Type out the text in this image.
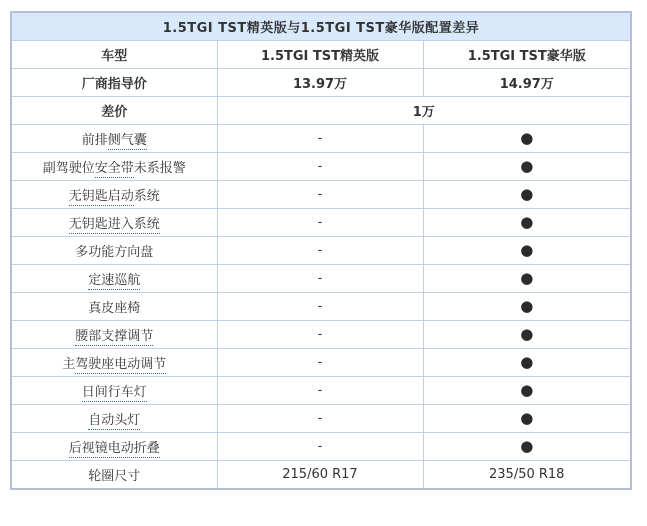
1.5TGI TST精英版与1.5TGI TST豪华版配置差异		
车型	1.5TGI TST精英版	1.5TGI TST豪华版
厂商指导价	13.97万	14.97万
差价	1万	
前排侧气囊	-	●
副驾驶位安全带未系报警	-	●
无钥匙启动系统	-	●
无钥匙进入系统	-	●
多功能方向盘	-	●
定速巡航	-	●
真皮座椅	-	●
腰部支撑调节	-	●
主驾驶座电动调节	-	●
日间行车灯	-	●
自动头灯	-	●
后视镜电动折叠	-	●
轮圈尺寸	215/60 R17	235/50 R18
